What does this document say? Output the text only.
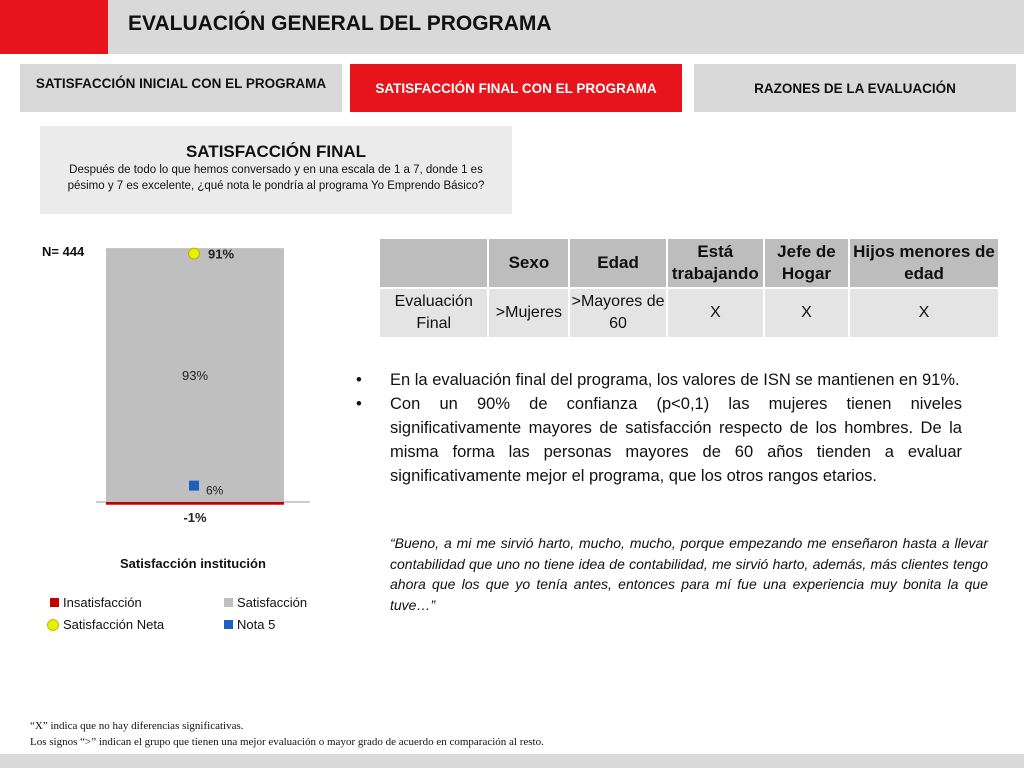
EVALUACIÓN GENERAL DEL PROGRAMA
SATISFACCIÓN INICIAL CON EL PROGRAMA	SATISFACCIÓN FINAL CON EL PROGRAMA	RAZONES DE LA EVALUACIÓN
SATISFACCIÓN FINAL
Después de todo lo que hemos conversado y en una escala de 1 a 7, donde 1 es pésimo y 7 es excelente, ¿qué nota le pondría al programa Yo Emprendo Básico?
N= 444
93%
-1%
91%
6%
Satisfacción institución
Insatisfacción	Satisfacción
Satisfacción Neta	Nota 5
	Sexo	Edad	Está trabajando	Jefe de Hogar	Hijos menores de edad
Evaluación Final	>Mujeres	>Mayores de 60	X	X	X
•	En la evaluación final del programa, los valores de ISN se mantienen en 91%.
•	Con un 90% de confianza (p<0,1) las mujeres tienen niveles significativamente mayores de satisfacción respecto de los hombres. De la misma forma las personas mayores de 60 años tienden a evaluar significativamente mejor el programa, que los otros rangos etarios.
“Bueno, a mi me sirvió harto, mucho, mucho, porque empezando me enseñaron hasta a llevar contabilidad que uno no tiene idea de contabilidad, me sirvió harto, además, más clientes tengo ahora que los que yo tenía antes, entonces para mí fue una experiencia muy bonita la que tuve…”
“X” indica que no hay diferencias significativas.
Los signos “>” indican el grupo que tienen una mejor evaluación o mayor grado de acuerdo en comparación al resto.
